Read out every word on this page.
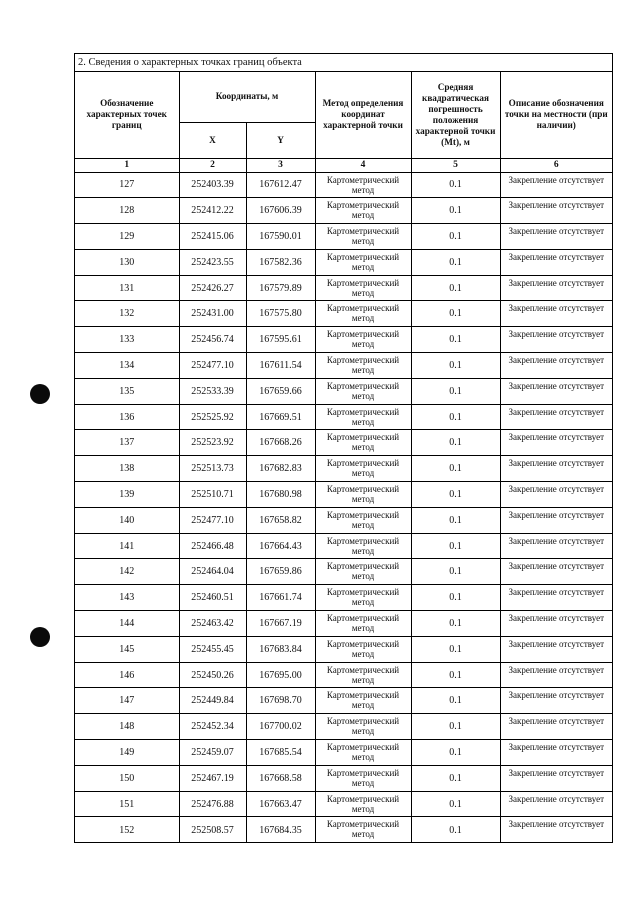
2. Сведения о характерных точках границ объекта
Обозначение характерных точек границ	Координаты, м		Метод определения координат характерной точки	Средняя квадратическая погрешность положения характерной точки (Mt), м	Описание обозначения точки на местности (при наличии)
	X	Y			
1	2	3	4	5	6
127	252403.39	167612.47	Картометрический метод	0.1	Закрепление отсутствует
128	252412.22	167606.39	Картометрический метод	0.1	Закрепление отсутствует
129	252415.06	167590.01	Картометрический метод	0.1	Закрепление отсутствует
130	252423.55	167582.36	Картометрический метод	0.1	Закрепление отсутствует
131	252426.27	167579.89	Картометрический метод	0.1	Закрепление отсутствует
132	252431.00	167575.80	Картометрический метод	0.1	Закрепление отсутствует
133	252456.74	167595.61	Картометрический метод	0.1	Закрепление отсутствует
134	252477.10	167611.54	Картометрический метод	0.1	Закрепление отсутствует
135	252533.39	167659.66	Картометрический метод	0.1	Закрепление отсутствует
136	252525.92	167669.51	Картометрический метод	0.1	Закрепление отсутствует
137	252523.92	167668.26	Картометрический метод	0.1	Закрепление отсутствует
138	252513.73	167682.83	Картометрический метод	0.1	Закрепление отсутствует
139	252510.71	167680.98	Картометрический метод	0.1	Закрепление отсутствует
140	252477.10	167658.82	Картометрический метод	0.1	Закрепление отсутствует
141	252466.48	167664.43	Картометрический метод	0.1	Закрепление отсутствует
142	252464.04	167659.86	Картометрический метод	0.1	Закрепление отсутствует
143	252460.51	167661.74	Картометрический метод	0.1	Закрепление отсутствует
144	252463.42	167667.19	Картометрический метод	0.1	Закрепление отсутствует
145	252455.45	167683.84	Картометрический метод	0.1	Закрепление отсутствует
146	252450.26	167695.00	Картометрический метод	0.1	Закрепление отсутствует
147	252449.84	167698.70	Картометрический метод	0.1	Закрепление отсутствует
148	252452.34	167700.02	Картометрический метод	0.1	Закрепление отсутствует
149	252459.07	167685.54	Картометрический метод	0.1	Закрепление отсутствует
150	252467.19	167668.58	Картометрический метод	0.1	Закрепление отсутствует
151	252476.88	167663.47	Картометрический метод	0.1	Закрепление отсутствует
152	252508.57	167684.35	Картометрический метод	0.1	Закрепление отсутствует
